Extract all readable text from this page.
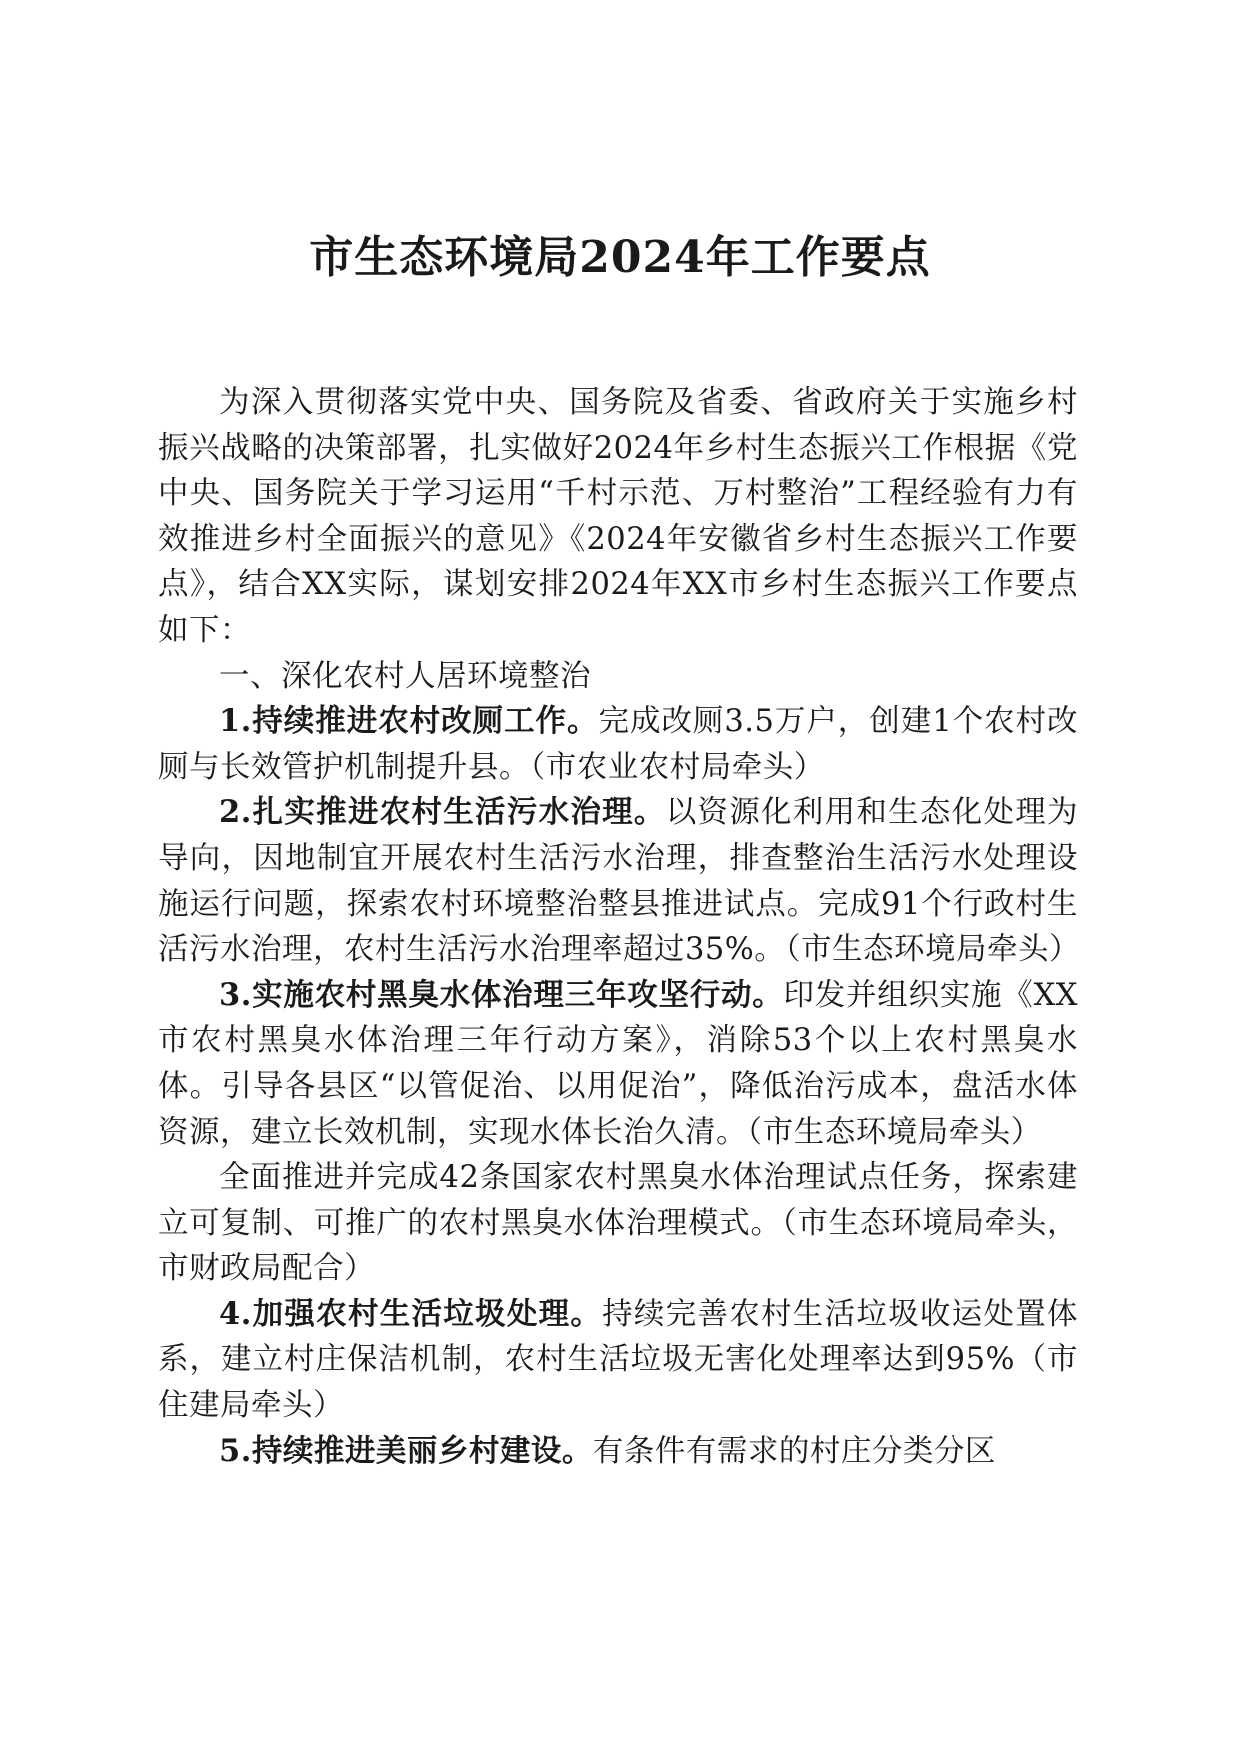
市生态环境局2024年工作要点

为深入贯彻落实党中央、国务院及省委、省政府关于实施乡村振兴战略的决策部署，扎实做好2024年乡村生态振兴工作根据《党中央、国务院关于学习运用“千村示范、万村整治”工程经验有力有效推进乡村全面振兴的意见》《2024年安徽省乡村生态振兴工作要点》，结合XX实际，谋划安排2024年XX市乡村生态振兴工作要点如下：

一、深化农村人居环境整治

1.持续推进农村改厕工作。完成改厕3.5万户，创建1个农村改厕与长效管护机制提升县。（市农业农村局牵头）

2.扎实推进农村生活污水治理。以资源化利用和生态化处理为导向，因地制宜开展农村生活污水治理，排查整治生活污水处理设施运行问题，探索农村环境整治整县推进试点。完成91个行政村生活污水治理，农村生活污水治理率超过35%。（市生态环境局牵头）

3.实施农村黑臭水体治理三年攻坚行动。印发并组织实施《XX市农村黑臭水体治理三年行动方案》，消除53个以上农村黑臭水体。引导各县区“以管促治、以用促治”，降低治污成本，盘活水体资源，建立长效机制，实现水体长治久清。（市生态环境局牵头）

全面推进并完成42条国家农村黑臭水体治理试点任务，探索建立可复制、可推广的农村黑臭水体治理模式。（市生态环境局牵头，市财政局配合）

4.加强农村生活垃圾处理。持续完善农村生活垃圾收运处置体系，建立村庄保洁机制，农村生活垃圾无害化处理率达到95%（市住建局牵头）

5.持续推进美丽乡村建设。有条件有需求的村庄分类分区
